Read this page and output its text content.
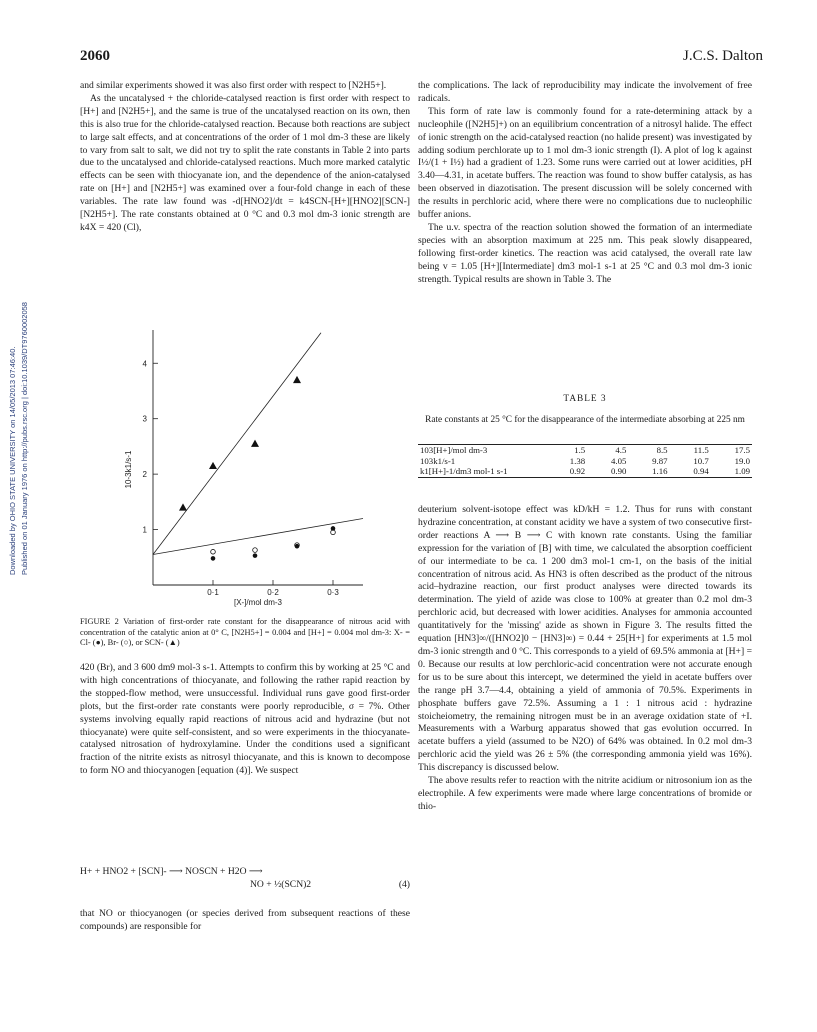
2060	J.C.S. Dalton
Downloaded by OHIO STATE UNIVERSITY on 14/05/2013 07:46:40. Published on 01 January 1976 on http://pubs.rsc.org | doi:10.1039/DT9760002058

and similar experiments showed it was also first order with respect to [N2H5+].

As the uncatalysed + the chloride-catalysed reaction is first order with respect to [H+] and [N2H5+], and the same is true of the uncatalysed reaction on its own, then this is also true for the chloride-catalysed reaction. Because both reactions are subject to large salt effects, and at concentrations of the order of 1 mol dm-3 these are likely to vary from salt to salt, we did not try to split the rate constants in Table 2 into parts due to the uncatalysed and chloride-catalysed reactions. Much more marked catalytic effects can be seen with thiocyanate ion, and the dependence of the anion-catalysed rate on [H+] and [N2H5+] was examined over a four-fold change in each of these variables. The rate law found was -d[HNO2]/dt = k4SCN-[H+][HNO2][SCN-][N2H5+]. The rate constants obtained at 0 °C and 0.3 mol dm-3 ionic strength are k4X = 420 (Cl),

1
2
3
4
0·1	0·2	0·3
[X-]/mol dm-3
10-3k1/s-1
FIGURE 2 Variation of first-order rate constant for the disappearance of nitrous acid with concentration of the catalytic anion at 0° C, [N2H5+] = 0.004 and [H+] = 0.004 mol dm-3: X- = Cl- (●), Br- (○), or SCN- (▲)

420 (Br), and 3 600 dm9 mol-3 s-1. Attempts to confirm this by working at 25 °C and with high concentrations of thiocyanate, and following the rather rapid reaction by the stopped-flow method, were unsuccessful. Individual runs gave good first-order plots, but the first-order rate constants were poorly reproducible, σ = 7%. Other systems involving equally rapid reactions of nitrous acid and hydrazine (but not thiocyanate) were quite self-consistent, and so were experiments in the thiocyanate-catalysed nitrosation of hydroxylamine. Under the conditions used a significant fraction of the nitrite exists as nitrosyl thiocyanate, and this is known to decompose to form NO and thiocyanogen [equation (4)]. We suspect

H+ + HNO2 + [SCN]- ⟶ NOSCN + H2O ⟶
NO + ½(SCN)2	(4)
that NO or thiocyanogen (or species derived from subsequent reactions of these compounds) are responsible for

the complications. The lack of reproducibility may indicate the involvement of free radicals.

This form of rate law is commonly found for a rate-determining attack by a nucleophile ([N2H5]+) on an equilibrium concentration of a nitrosyl halide. The effect of ionic strength on the acid-catalysed reaction (no halide present) was investigated by adding sodium perchlorate up to 1 mol dm-3 ionic strength (I). A plot of log k against I½/(1 + I½) had a gradient of 1.23. Some runs were carried out at lower acidities, pH 3.40—4.31, in acetate buffers. The reaction was found to show buffer catalysis, as has been observed in diazotisation. The present discussion will be solely concerned with the results in perchloric acid, where there were no complications due to nucleophilic buffer anions.

The u.v. spectra of the reaction solution showed the formation of an intermediate species with an absorption maximum at 225 nm. This peak slowly disappeared, following first-order kinetics. The reaction was acid catalysed, the overall rate law being v = 1.05 [H+][Intermediate] dm3 mol-1 s-1 at 25 °C and 0.3 mol dm-3 ionic strength. Typical results are shown in Table 3. The

TABLE 3
Rate constants at 25 °C for the disappearance of the intermediate absorbing at 225 nm
103[H+]/mol dm-3	1.5	4.5	8.5	11.5	17.5
103k1/s-1	1.38	4.05	9.87	10.7	19.0
k1[H+]-1/dm3 mol-1 s-1	0.92	0.90	1.16	0.94	1.09

deuterium solvent-isotope effect was kD/kH = 1.2. Thus for runs with constant hydrazine concentration, at constant acidity we have a system of two consecutive first-order reactions A ⟶ B ⟶ C with known rate constants. Using the familiar expression for the variation of [B] with time, we calculated the absorption coefficient of our intermediate to be ca. 1 200 dm3 mol-1 cm-1, on the basis of the initial concentration of nitrous acid. As HN3 is often described as the product of the nitrous acid–hydrazine reaction, our first product analyses were directed towards its determination. The yield of azide was close to 100% at greater than 0.2 mol dm-3 perchloric acid, but decreased with lower acidities. Analyses for ammonia accounted quantitatively for the 'missing' azide as shown in Figure 3. The results fitted the equation [HN3]∞/([HNO2]0 − [HN3]∞) = 0.44 + 25[H+] for experiments at 1.5 mol dm-3 ionic strength and 0 °C. This corresponds to a yield of 69.5% ammonia at [H+] = 0. Because our results at low perchloric-acid concentration were not accurate enough for us to be sure about this intercept, we determined the yield in acetate buffers over the range pH 3.7—4.4, obtaining a yield of ammonia of 70.5%. Experiments in phosphate buffers gave 72.5%. Assuming a 1 : 1 nitrous acid : hydrazine stoicheiometry, the remaining nitrogen must be in an average oxidation state of +I. Measurements with a Warburg apparatus showed that gas evolution occurred. In acetate buffers a yield (assumed to be N2O) of 64% was obtained. In 0.2 mol dm-3 perchloric acid the yield was 26 ± 5% (the corresponding ammonia yield was 16%). This discrepancy is discussed below.

The above results refer to reaction with the nitrite acidium or nitrosonium ion as the electrophile. A few experiments were made where large concentrations of bromide or thio-
